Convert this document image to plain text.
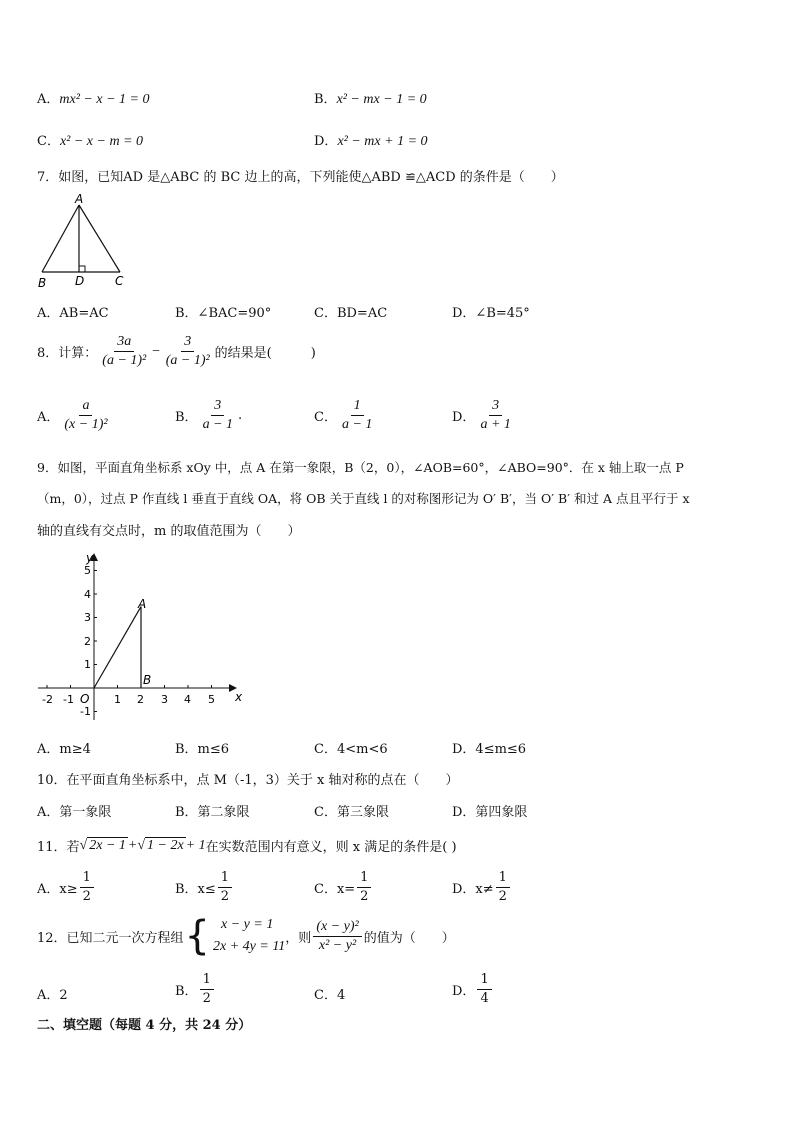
A．mx² − x − 1 = 0	B．x² − mx − 1 = 0
C．x² − x − m = 0	D．x² − mx + 1 = 0
7．如图，已知AD 是△ABC 的 BC 边上的高，下列能使△ABD ≌△ACD 的条件是（　　）
A
B D	C
A．AB=AC	B．∠BAC=90°	C．BD=AC	D．∠B=45°
8．计算： $\frac{3a}{\text{(a − 1)²}} - \frac{3}{\text{(a − 1)²}}$ 的结果是(　　　)
A． $\frac{a}{\text{(x − 1)²}}$	B． $\frac{3}{a - 1}$ .	C． $\frac{1}{a - 1}$	D． $\frac{3}{a + 1}$
9．如图，平面直角坐标系 xOy 中，点 A 在第一象限，B（2，0），∠AOB=60°，∠ABO=90°．在 x 轴上取一点 P
（m，0），过点 P 作直线 l 垂直于直线 OA，将 OB 关于直线 l 的对称图形记为 O′ B′，当 O′ B′ 和过 A 点且平行于 x
轴的直线有交点时，m 的取值范围为（　　）
-2 -1	1 2 3 4 5
5
4
3
2
1
-1
y
x
O
A
B
A．m≥4	B．m≤6	C．4<m<6	D．4≤m≤6
10．在平面直角坐标系中，点 M（-1，3）关于 x 轴对称的点在（　　）
A．第一象限	B．第二象限	C．第三象限	D．第四象限
11．若 √ 2x − 1 + √ 1 − 2x + 1 在实数范围内有意义，则 x 满足的条件是( )
A．$x\ge \frac{1}{2}$	B．$x\le \frac{1}{2}$	C．$x= \frac{1}{2}$	D．$x\ne \frac{1}{2}$
12．已知二元一次方程组 { x − y = 1
2x + 4y = 11
，则 $\frac{\text{(x − y)²}}{\text{x² − y²}}$ 的值为（　　）
A．2	B． $\frac{1}{2}$	C．4	D． $\frac{1}{4}$
二、填空题（每题 4 分，共 24 分）
